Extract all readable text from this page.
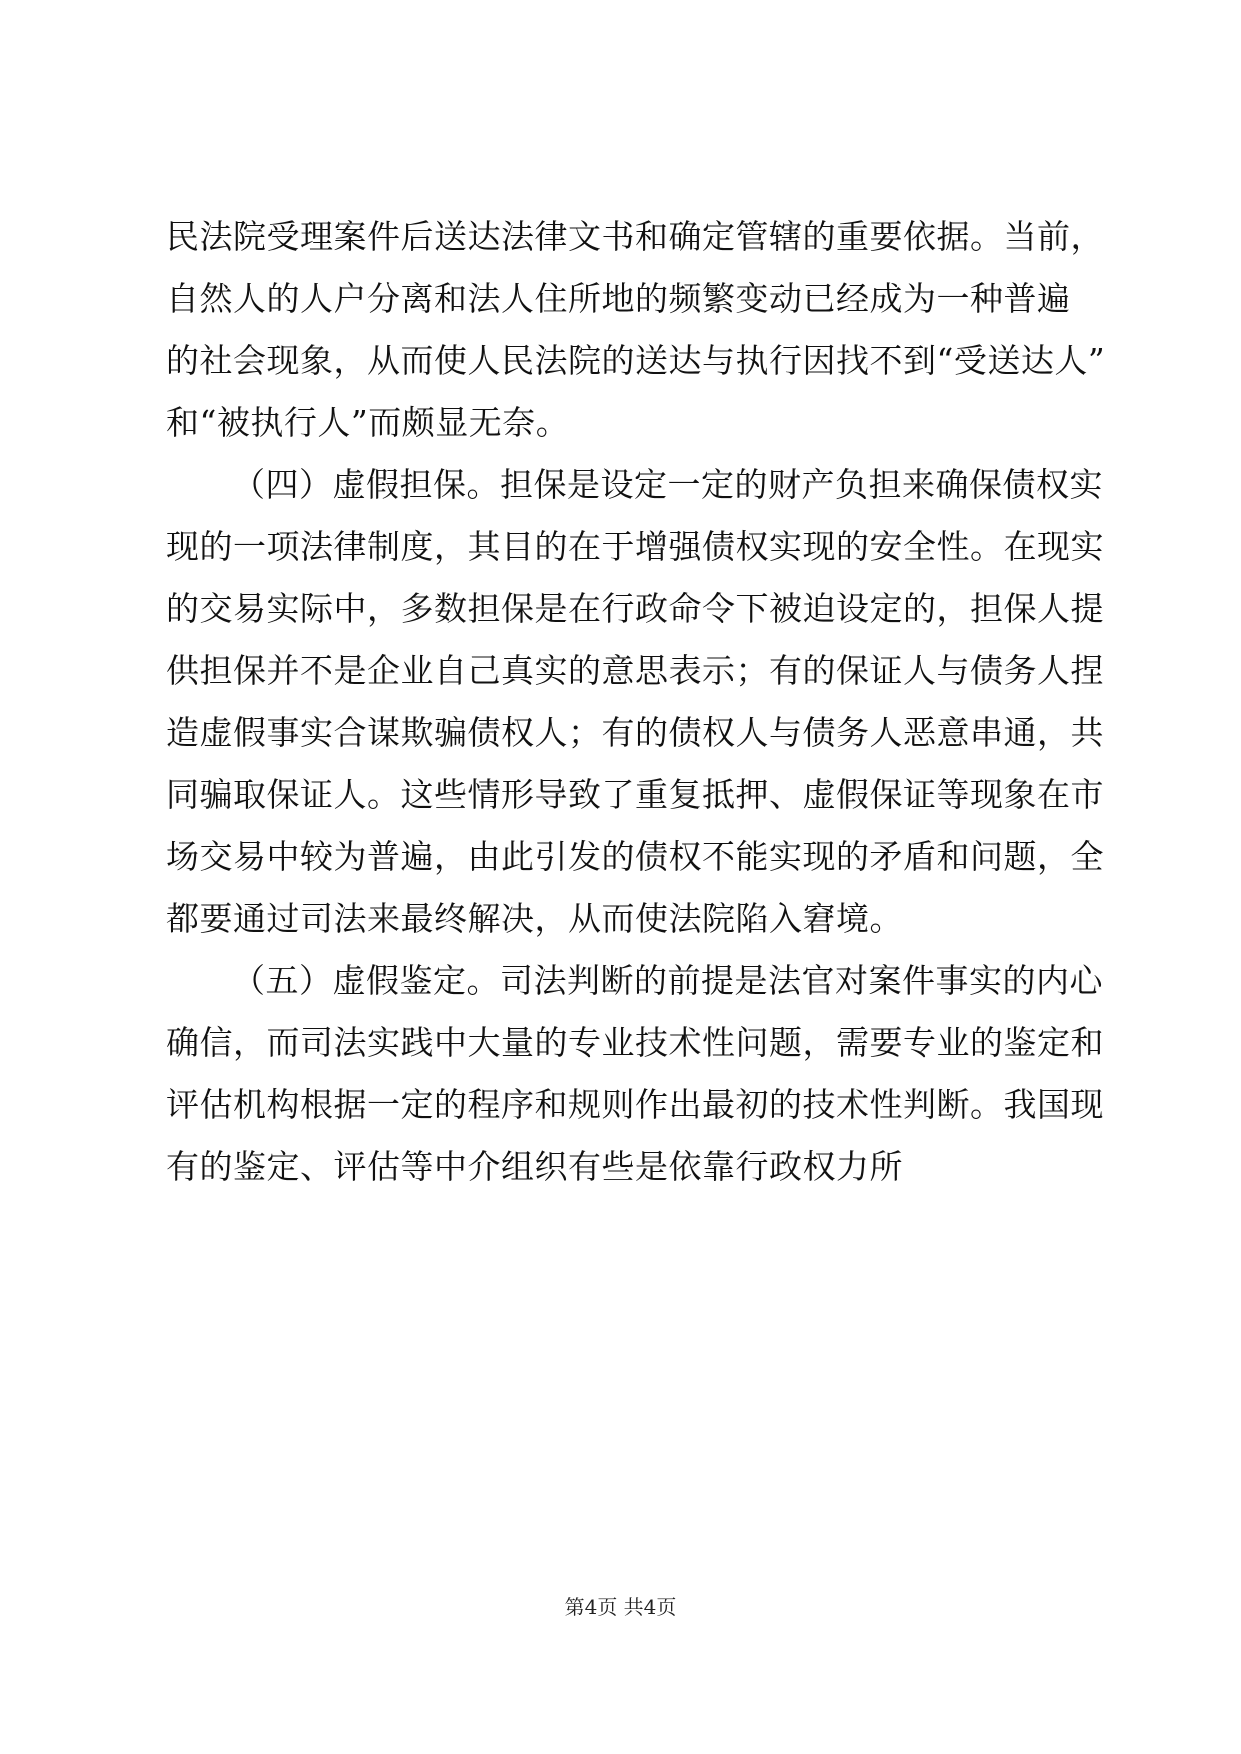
民法院受理案件后送达法律文书和确定管辖的重要依据。当前，
自然人的人户分离和法人住所地的频繁变动已经成为一种普遍
的社会现象，从而使人民法院的送达与执行因找不到“受送达人”
和“被执行人”而颇显无奈。
（四）虚假担保。担保是设定一定的财产负担来确保债权实
现的一项法律制度，其目的在于增强债权实现的安全性。在现实
的交易实际中，多数担保是在行政命令下被迫设定的，担保人提
供担保并不是企业自己真实的意思表示；有的保证人与债务人捏
造虚假事实合谋欺骗债权人；有的债权人与债务人恶意串通，共
同骗取保证人。这些情形导致了重复抵押、虚假保证等现象在市
场交易中较为普遍，由此引发的债权不能实现的矛盾和问题，全
都要通过司法来最终解决，从而使法院陷入窘境。
（五）虚假鉴定。司法判断的前提是法官对案件事实的内心
确信，而司法实践中大量的专业技术性问题，需要专业的鉴定和
评估机构根据一定的程序和规则作出最初的技术性判断。我国现
有的鉴定、评估等中介组织有些是依靠行政权力所
第4页 共4页
